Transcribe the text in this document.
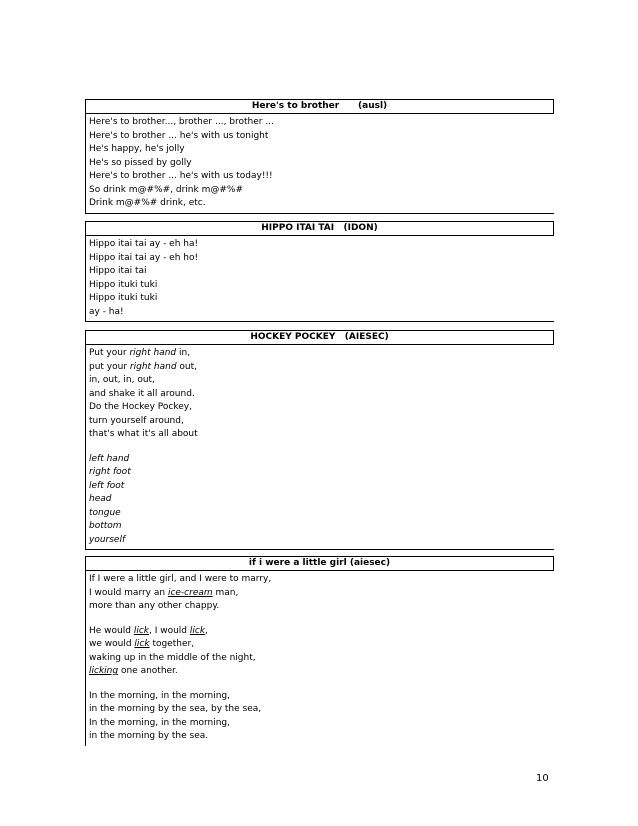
Here's to brother      (ausl)
Here's to brother..., brother ..., brother ...
Here's to brother ... he's with us tonight
He's happy, he's jolly
He's so pissed by golly
Here's to brother ... he's with us today!!!
So drink m@#%#, drink m@#%#
Drink m@#%# drink, etc.
HIPPO ITAI TAI   (IDON)
Hippo itai tai ay - eh ha!
Hippo itai tai ay - eh ho!
Hippo itai tai
Hippo ituki tuki
Hippo ituki tuki
ay - ha!
HOCKEY POCKEY   (AIESEC)
Put your right hand in,
put your right hand out,
in, out, in, out,
and shake it all around.
Do the Hockey Pockey,
turn yourself around,
that's what it's all about
left hand
right foot
left foot
head
tongue
bottom
yourself
if i were a little girl (aiesec)
If I were a little girl, and I were to marry,
I would marry an ice-cream man,
more than any other chappy.
He would lick, I would lick,
we would lick together,
waking up in the middle of the night,
licking one another.
In the morning, in the morning,
in the morning by the sea, by the sea,
In the morning, in the morning,
in the morning by the sea.
10
